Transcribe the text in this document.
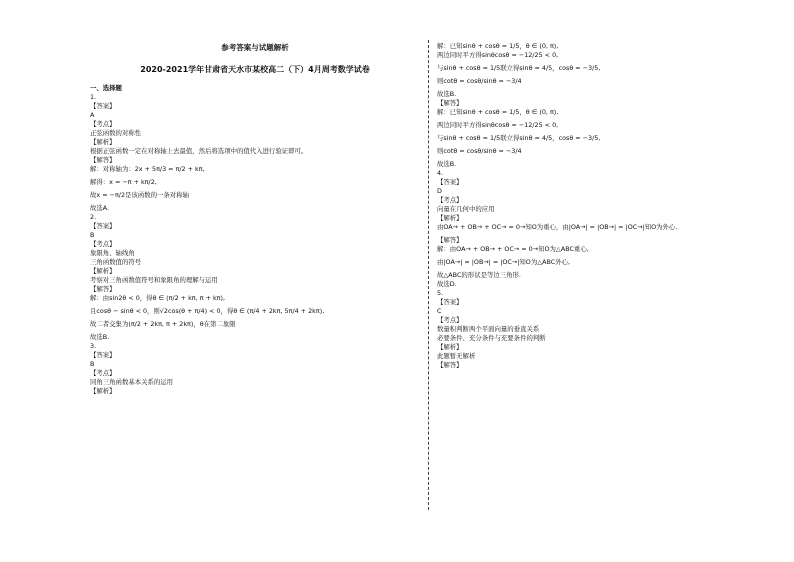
参考答案与试题解析
2020-2021学年甘肃省天水市某校高二（下）4月周考数学试卷
一、选择题
1.
【答案】
A
【考点】
正弦函数的对称性
【解析】
根据正弦函数一定在对称轴上去最值，然后将选项中的值代入进行验证即可。
【解答】
解：对称轴为：2x + 5π/3 = π/2 + kπ,
解得：x = −π + kπ/2,
故x = −π/2是该函数的一条对称轴
故选A.
2.
【答案】
B
【考点】
象限角、轴线角
三角函数值的符号
【解析】
考察对三角函数值符号和象限角的理解与运用
【解答】
解：由sin2θ < 0，得θ ∈ (π/2 + kπ, π + kπ),
且cosθ − sinθ < 0，则√2cos(θ + π/4) < 0，得θ ∈ (π/4 + 2kπ, 5π/4 + 2kπ),
故二者交集为(π/2 + 2kπ, π + 2kπ)，θ在第二象限
故选B.
3.
【答案】
B
【考点】
同角三角函数基本关系的运用
【解析】
解：已知sinθ + cosθ = 1/5，θ ∈ (0, π),
两边同时平方得sinθcosθ = −12/25 < 0,
与sinθ + cosθ = 1/5联立得sinθ = 4/5，cosθ = −3/5,
则cotθ = cosθ/sinθ = −3/4
故选B.
【解答】
解：已知sinθ + cosθ = 1/5，θ ∈ (0, π),
两边同时平方得sinθcosθ = −12/25 < 0,
与sinθ + cosθ = 1/5联立得sinθ = 4/5，cosθ = −3/5,
则cotθ = cosθ/sinθ = −3/4
故选B.
4.
【答案】
D
【考点】
向量在几何中的应用
【解析】
由OA→ + OB→ + OC→ = 0→知O为重心，由|OA→| = |OB→| = |OC→|知O为外心.
【解答】
解：由OA→ + OB→ + OC→ = 0→知O为△ABC重心,
由|OA→| = |OB→| = |OC→|知O为△ABC外心,
故△ABC的形状是等边三角形.
故选D.
5.
【答案】
C
【考点】
数量积判断两个平面向量的垂直关系
必要条件、充分条件与充要条件的判断
【解析】
此题暂无解析
【解答】
